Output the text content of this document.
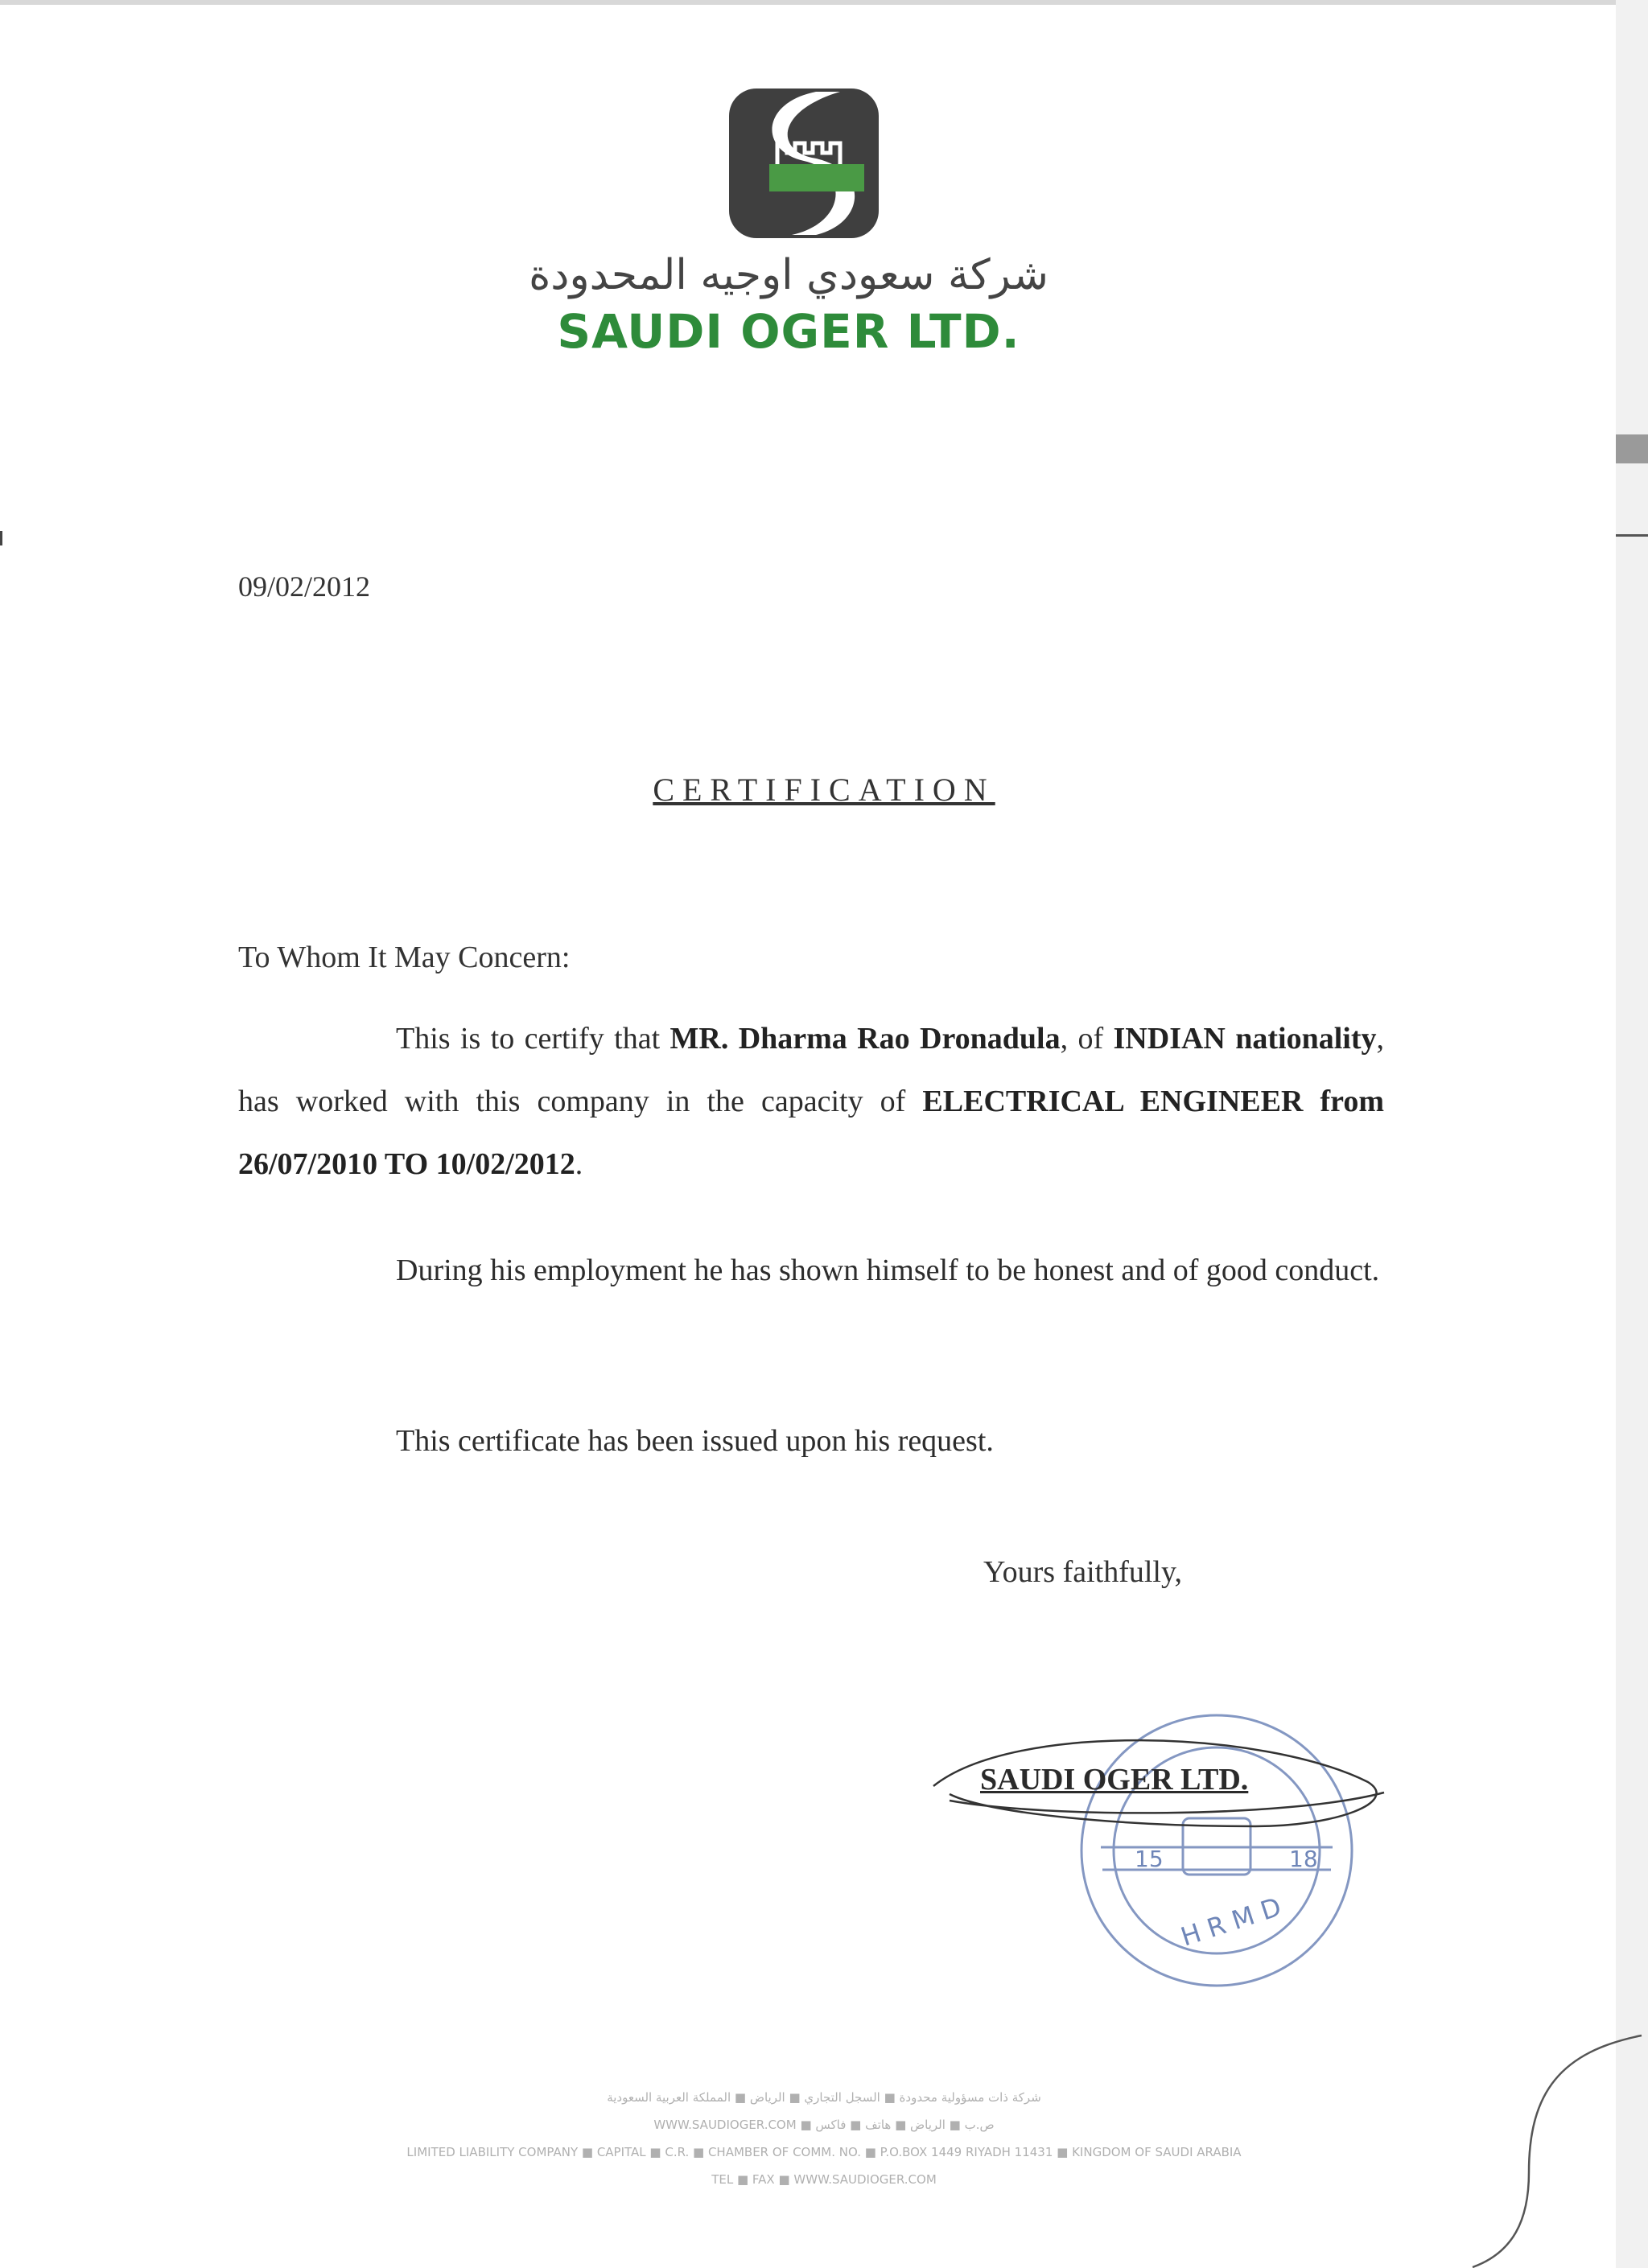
شركة سعودي اوجيه المحدودة
SAUDI OGER LTD.
09/02/2012
CERTIFICATION
To Whom It May Concern:
This is to certify that MR. Dharma Rao Dronadula, of INDIAN nationality, has worked with this company in the capacity of ELECTRICAL ENGINEER from 26/07/2010 TO 10/02/2012.
During his employment he has shown himself to be honest and of good conduct.
This certificate has been issued upon his request.
Yours faithfully,
15	18
HRMD
SAUDI OGER LTD.
شركة ذات مسؤولية محدودة ■ السجل التجاري ■ الرياض ■ المملكة العربية السعودية
WWW.SAUDIOGER.COM ■ ص.ب ■ الرياض ■ هاتف ■ فاكس
LIMITED LIABILITY COMPANY ■ CAPITAL ■ C.R. ■ CHAMBER OF COMM. NO. ■ P.O.BOX 1449 RIYADH 11431 ■ KINGDOM OF SAUDI ARABIA
TEL ■ FAX ■ WWW.SAUDIOGER.COM
